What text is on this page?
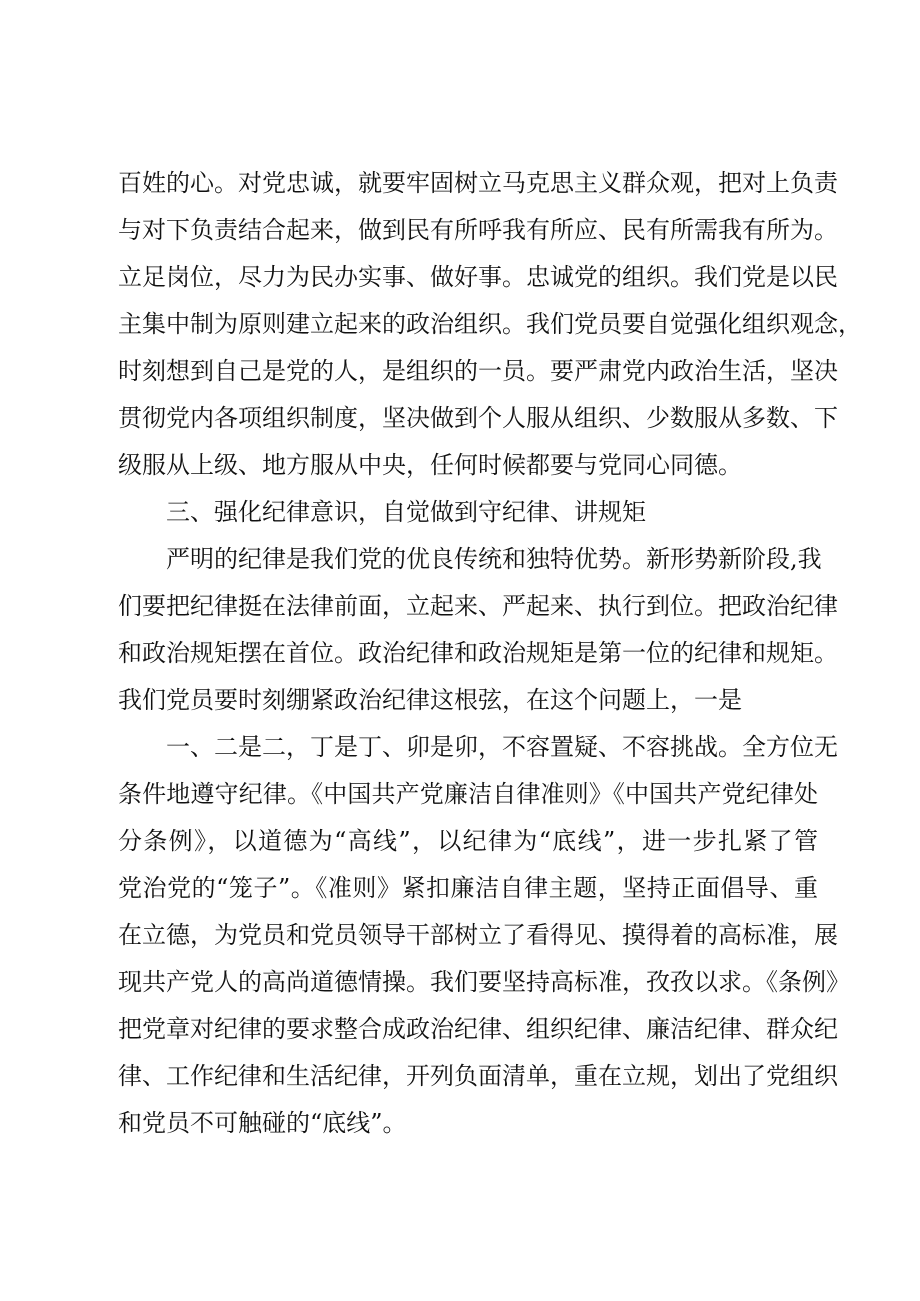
百姓的心。对党忠诚，就要牢固树立马克思主义群众观，把对上负责
与对下负责结合起来，做到民有所呼我有所应、民有所需我有所为。
立足岗位，尽力为民办实事、做好事。忠诚党的组织。我们党是以民
主集中制为原则建立起来的政治组织。我们党员要自觉强化组织观念，
时刻想到自己是党的人，是组织的一员。要严肃党内政治生活，坚决
贯彻党内各项组织制度，坚决做到个人服从组织、少数服从多数、下
级服从上级、地方服从中央，任何时候都要与党同心同德。
三、强化纪律意识，自觉做到守纪律、讲规矩
严明的纪律是我们党的优良传统和独特优势。新形势新阶段,我
们要把纪律挺在法律前面，立起来、严起来、执行到位。把政治纪律
和政治规矩摆在首位。政治纪律和政治规矩是第一位的纪律和规矩。
我们党员要时刻绷紧政治纪律这根弦，在这个问题上，一是
一、二是二，丁是丁、卯是卯，不容置疑、不容挑战。全方位无
条件地遵守纪律。《中国共产党廉洁自律准则》《中国共产党纪律处
分条例》，以道德为“高线”，以纪律为“底线”，进一步扎紧了管
党治党的“笼子”。《准则》紧扣廉洁自律主题，坚持正面倡导、重
在立德，为党员和党员领导干部树立了看得见、摸得着的高标准，展
现共产党人的高尚道德情操。我们要坚持高标准，孜孜以求。《条例》
把党章对纪律的要求整合成政治纪律、组织纪律、廉洁纪律、群众纪
律、工作纪律和生活纪律，开列负面清单，重在立规，划出了党组织
和党员不可触碰的“底线”。
